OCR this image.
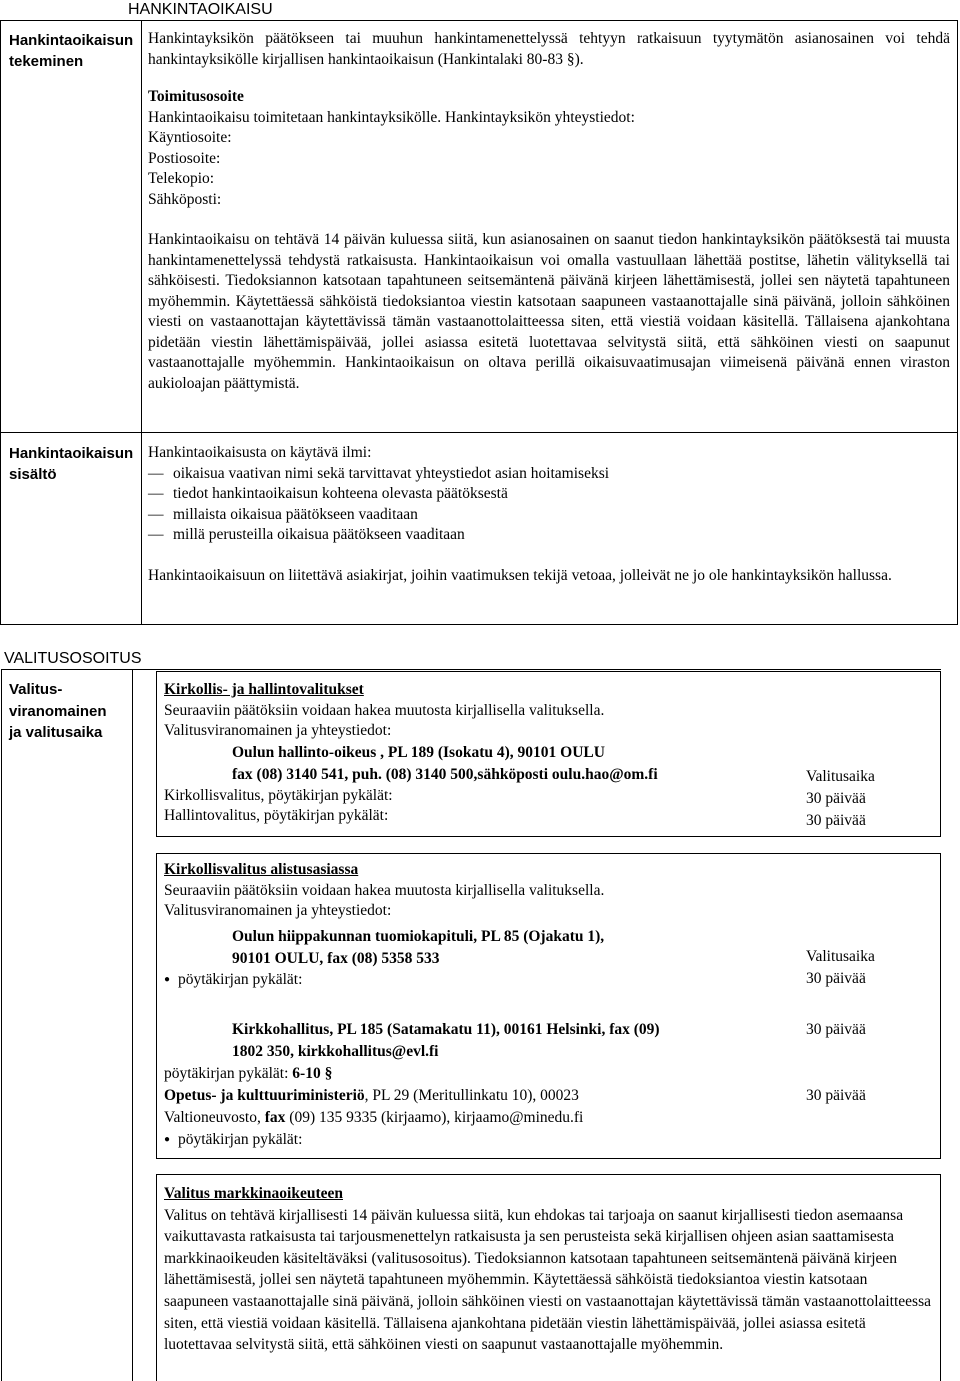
HANKINTAOIKAISU
Hankintaoikaisun tekeminen

Hankintayksikön päätökseen tai muuhun hankintamenettelyssä tehtyyn ratkaisuun tyytymätön asianosainen voi tehdä hankintayksikölle kirjallisen hankintaoikaisun (Hankintalaki 80-83 §).

Toimitusosoite
Hankintaoikaisu toimitetaan hankintayksikölle. Hankintayksikön yhteystiedot:
Käyntiosoite:
Postiosoite:
Telekopio:
Sähköposti:

Hankintaoikaisu on tehtävä 14 päivän kuluessa siitä, kun asianosainen on saanut tiedon hankintayksikön päätöksestä tai muusta hankintamenettelyssä tehdystä ratkaisusta. Hankintaoikaisun voi omalla vastuullaan lähettää postitse, lähetin välityksellä tai sähköisesti. Tiedoksiannon katsotaan tapahtuneen seitsemäntenä päivänä kirjeen lähettämisestä, jollei sen näytetä tapahtuneen myöhemmin. Käytettäessä sähköistä tiedoksiantoa viestin katsotaan saapuneen vastaanottajalle sinä päivänä, jolloin sähköinen viesti on vastaanottajan käytettävissä tämän vastaanottolaitteessa siten, että viestiä voidaan käsitellä. Tällaisena ajankohtana pidetään viestin lähettämispäivää, jollei asiassa esitetä luotettavaa selvitystä siitä, että sähköinen viesti on saapunut vastaanottajalle myöhemmin. Hankintaoikaisun on oltava perillä oikaisuvaatimusajan viimeisenä päivänä ennen viraston aukioloajan päättymistä.

Hankintaoikaisun sisältö
Hankintaoikaisusta on käytävä ilmi:
— oikaisua vaativan nimi sekä tarvittavat yhteystiedot asian hoitamiseksi
— tiedot hankintaoikaisun kohteena olevasta päätöksestä
— millaista oikaisua päätökseen vaaditaan
— millä perusteilla oikaisua päätökseen vaaditaan

Hankintaoikaisuun on liitettävä asiakirjat, joihin vaatimuksen tekijä vetoaa, jolleivät ne jo ole hankintayksikön hallussa.

VALITUSOSOITUS
Valitus-
viranomainen
ja valitusaika
Kirkollis- ja hallintovalitukset
Seuraaviin päätöksiin voidaan hakea muutosta kirjallisella valituksella.
Valitusviranomainen ja yhteystiedot:
Oulun hallinto-oikeus , PL 189 (Isokatu 4), 90101 OULU
fax (08) 3140 541, puh. (08) 3140 500,sähköposti oulu.hao@om.fi
Kirkollisvalitus, pöytäkirjan pykälät:
Hallintovalitus, pöytäkirjan pykälät:
Valitusaika
30 päivää
30 päivää
Kirkollisvalitus alistusasiassa
Seuraaviin päätöksiin voidaan hakea muutosta kirjallisella valituksella.
Valitusviranomainen ja yhteystiedot:
Oulun hiippakunnan tuomiokapituli, PL 85 (Ojakatu 1),
90101 OULU, fax (08) 5358 533
● pöytäkirjan pykälät:
Valitusaika
30 päivää
Kirkkohallitus, PL 185 (Satamakatu 11), 00161 Helsinki, fax (09)
1802 350, kirkkohallitus@evl.fi
pöytäkirjan pykälät: 6-10 §
Opetus- ja kulttuuriministeriö, PL 29 (Meritullinkatu 10), 00023
Valtioneuvosto, fax (09) 135 9335 (kirjaamo), kirjaamo@minedu.fi
● pöytäkirjan pykälät:
30 päivää
30 päivää
Valitus markkinaoikeuteen

Valitus on tehtävä kirjallisesti 14 päivän kuluessa siitä, kun ehdokas tai tarjoaja on saanut kirjallisesti tiedon asemaansa vaikuttavasta ratkaisusta tai tarjousmenettelyn ratkaisusta ja sen perusteista sekä kirjallisen ohjeen asian saattamisesta markkinaoikeuden käsiteltäväksi (valitusosoitus). Tiedoksiannon katsotaan tapahtuneen seitsemäntenä päivänä kirjeen lähettämisestä, jollei sen näytetä tapahtuneen myöhemmin. Käytettäessä sähköistä tiedoksiantoa viestin katsotaan saapuneen vastaanottajalle sinä päivänä, jolloin sähköinen viesti on vastaanottajan käytettävissä tämän vastaanottolaitteessa siten, että viestiä voidaan käsitellä. Tällaisena ajankohtana pidetään viestin lähettämispäivää, jollei asiassa esitetä luotettavaa selvitystä siitä, että sähköinen viesti on saapunut vastaanottajalle myöhemmin.
